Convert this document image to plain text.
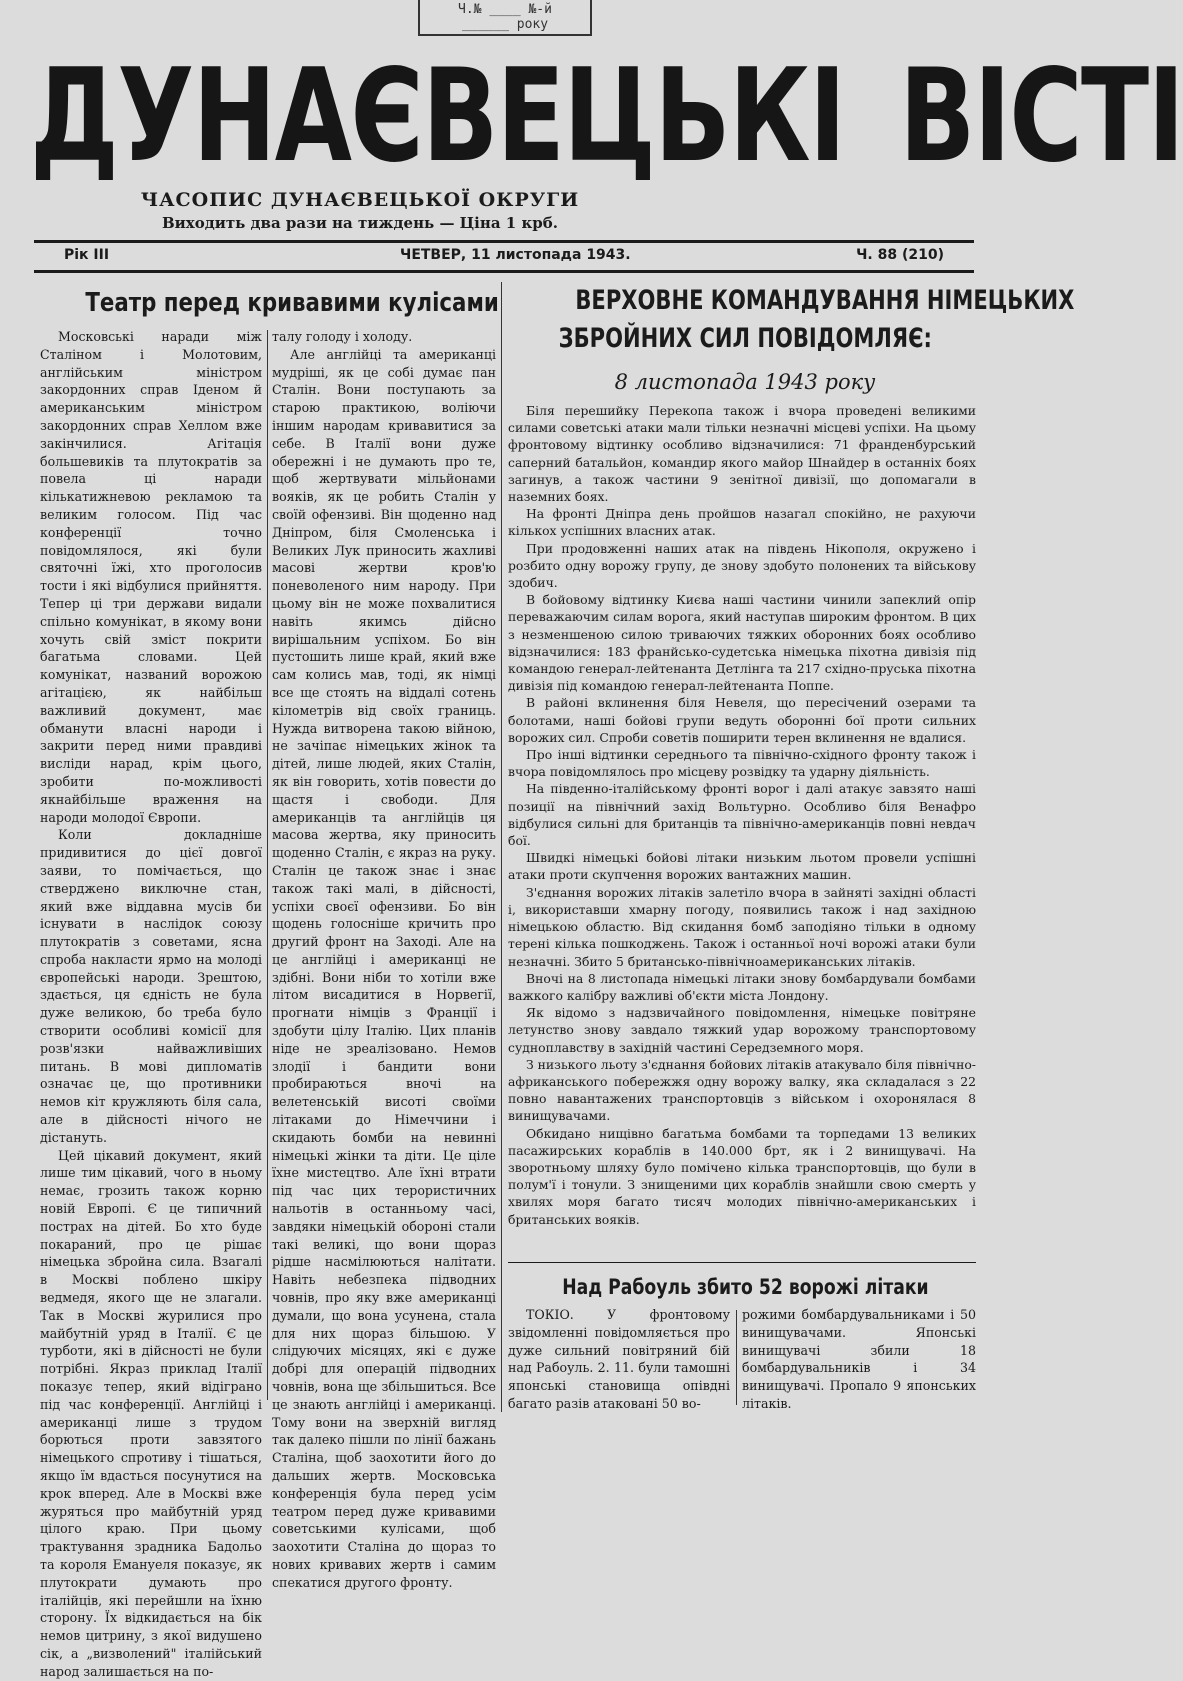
Ч.№ ____ №-й
______ року
ДУНАЄВЕЦЬКІ ВІСТІ
ЧАСОПИС ДУНАЄВЕЦЬКОЇ ОКРУГИ
Виходить два рази на тиждень — Ціна 1 крб.
Рік III	ЧЕТВЕР, 11 листопада 1943.	Ч. 88 (210)
Театр перед кривавими кулісами

Московські наради між Сталіном і Молотовим, англійським міністром закордонних справ Іденом й американським міністром закордонних справ Хеллом вже закінчилися. Агітація большевиків та плутократів за повела ці наради кількатижневою рекламою та великим голосом. Під час конференції точно повідомлялося, які були святочні їжі, хто проголосив тости і які відбулися прийняття. Тепер ці три держави видали спільно комунікат, в якому вони хочуть свій зміст покрити багатьма словами. Цей комунікат, названий ворожою агітацією, як найбільш важливий документ, має обманути власні народи і закрити перед ними правдиві висліди нарад, крім цього, зробити по-можливості якнайбільше враження на народи молодої Європи.

Коли докладніше придивитися до цієї довгої заяви, то помічається, що стверджено виключне стан, який вже віддавна мусів би існувати в наслідок союзу плутократів з советами, ясна спроба накласти ярмо на молоді європейські народи. Зрештою, здається, ця єдність не була дуже великою, бо треба було створити особливі комісії для розв'язки найважливіших питань. В мові дипломатів означає це, що противники немов кіт кружляють біля сала, але в дійсності нічого не дістануть.

Цей цікавий документ, який лише тим цікавий, чого в ньому немає, грозить також корню новій Европі. Є це типичний пострах на дітей. Бо хто буде покараний, про це рішає німецька збройна сила. Взагалі в Москві поблено шкіру ведмедя, якого ще не злагали. Так в Москві журилися про майбутній уряд в Італії. Є це турботи, які в дійсності не були потрібні. Якраз приклад Італії показує тепер, який відіграно під час конференції. Англійці і американці лише з трудом борються проти завзятого німецького спротиву і тішаться, якщо їм вдасться посунутися на крок вперед. Але в Москві вже журяться про майбутній уряд цілого краю. При цьому трактування зрадника Бадольо та короля Емануеля показує, як плутократи думають про італійців, які перейшли на їхню сторону. Їх відкидається на бік немов цитрину, з якої видушено сік, а „визволений" італійський народ залишається на по-

талу голоду і холоду.

Але англійці та американці мудріші, як це собі думає пан Сталін. Вони поступають за старою практикою, воліючи іншим народам кривавитися за себе. В Італії вони дуже обережні і не думають про те, щоб жертвувати мільйонами вояків, як це робить Сталін у своїй офензиві. Він щоденно над Дніпром, біля Смоленська і Великих Лук приносить жахливі масові жертви кров'ю поневоленого ним народу. При цьому він не може похвалитися навіть якимсь дійсно вирішальним успіхом. Бо він пустошить лише край, який вже сам колись мав, тоді, як німці все ще стоять на віддалі сотень кілометрів від своїх границь. Нужда витворена такою війною, не зачіпає німецьких жінок та дітей, лише людей, яких Сталін, як він говорить, хотів повести до щастя і свободи. Для американців та англійців ця масова жертва, яку приносить щоденно Сталін, є якраз на руку. Сталін це також знає і знає також такі малі, в дійсності, успіхи своєї офензиви. Бо він щодень голосніше кричить про другий фронт на Заході. Але на це англійці і американці не здібні. Вони ніби то хотіли вже літом висадитися в Норвегії, прогнати німців з Франції і здобути цілу Італію. Цих планів ніде не зреалізовано. Немов злодії і бандити вони пробираються вночі на велетенській висоті своїми літаками до Німеччини і скидають бомби на невинні німецькі жінки та діти. Це ціле їхне мистецтво. Але їхні втрати під час цих терористичних нальотів в останньому часі, завдяки німецькій обороні стали такі великі, що вони щораз рідше насмілюються налітати. Навіть небезпека підводних човнів, про яку вже американці думали, що вона усунена, стала для них щораз більшою. У слідуючих місяцях, які є дуже добрі для операцій підводних човнів, вона ще збільшиться. Все це знають англійці і американці. Тому вони на зверхній вигляд так далеко пішли по лінії бажань Сталіна, щоб заохотити його до дальших жертв. Московська конференція була перед усім театром перед дуже кривавими советськими кулісами, щоб заохотити Сталіна до щораз то нових кривавих жертв і самим спекатися другого фронту.

ВЕРХОВНЕ КОМАНДУВАННЯ НІМЕЦЬКИХ
ЗБРОЙНИХ СИЛ ПОВІДОМЛЯЄ:
8 листопада 1943 року

Біля перешийку Перекопа також і вчора проведені великими силами советські атаки мали тільки незначні місцеві успіхи. На цьому фронтовому відтинку особливо відзначилися: 71 франденбурський саперний батальйон, командир якого майор Шнайдер в останніх боях загинув, а також частини 9 зенітної дивізії, що допомагали в наземних боях.

На фронті Дніпра день пройшов назагал спокійно, не рахуючи кількох успішних власних атак.

При продовженні наших атак на південь Нікополя, окружено і розбито одну ворожу групу, де знову здобуто полонених та військову здобич.

В бойовому відтинку Києва наші частини чинили запеклий опір переважаючим силам ворога, який наступав широким фронтом. В цих з незменшеною силою триваючих тяжких оборонних боях особливо відзначилися: 183 франйсько-судетська німецька піхотна дивізія під командою генерал-лейтенанта Детлінга та 217 східно-пруська піхотна дивізія під командою генерал-лейтенанта Поппе.

В районі вклинення біля Невеля, що пересічений озерами та болотами, наші бойові групи ведуть оборонні бої проти сильних ворожих сил. Спроби советів поширити терен вклинення не вдалися.

Про інші відтинки середнього та північно-східного фронту також і вчора повідомлялось про місцеву розвідку та ударну діяльність.

На південно-італійському фронті ворог і далі атакує завзято наші позиції на північний захід Вольтурно. Особливо біля Венафро відбулися сильні для британців та північно-американців повні невдач бої.

Швидкі німецькі бойові літаки низьким льотом провели успішні атаки проти скупчення ворожих вантажних машин.

З'єднання ворожих літаків залетіло вчора в зайняті західні області і, використавши хмарну погоду, появились також і над західною німецькою областю. Від скидання бомб заподіяно тільки в одному терені кілька пошкоджень. Також і останньої ночі ворожі атаки були незначні. Збито 5 британсько-північноамериканських літаків.

Вночі на 8 листопада німецькі літаки знову бомбардували бомбами важкого калібру важливі об'єкти міста Лондону.

Як відомо з надзвичайного повідомлення, німецьке повітряне летунство знову завдало тяжкий удар ворожому транспортовому судноплавству в західній частині Середземного моря.

З низького льоту з'єднання бойових літаків атакувало біля північно-африканського побережжя одну ворожу валку, яка складалася з 22 повно навантажених транспортовців з військом і охоронялася 8 винищувачами.

Обкидано нищівно багатьма бомбами та торпедами 13 великих пасажирських кораблів в 140.000 брт, як і 2 винищувачі. На зворотньому шляху було помічено кілька транспортовців, що були в полум'ї і тонули. З знищеними цих кораблів знайшли свою смерть у хвилях моря багато тисяч молодих північно-американських і британських вояків.

Над Рабоуль збито 52 ворожі літаки

ТОКІО. У фронтовому звідомленні повідомляється про дуже сильний повітряний бій над Рабоуль. 2. 11. були тамошні японські становища опівдні багато разів атаковані 50 во-

рожими бомбардувальниками і 50 винищувачами. Японські винищувачі збили 18 бомбардувальників і 34 винищувачі. Пропало 9 японських літаків.
